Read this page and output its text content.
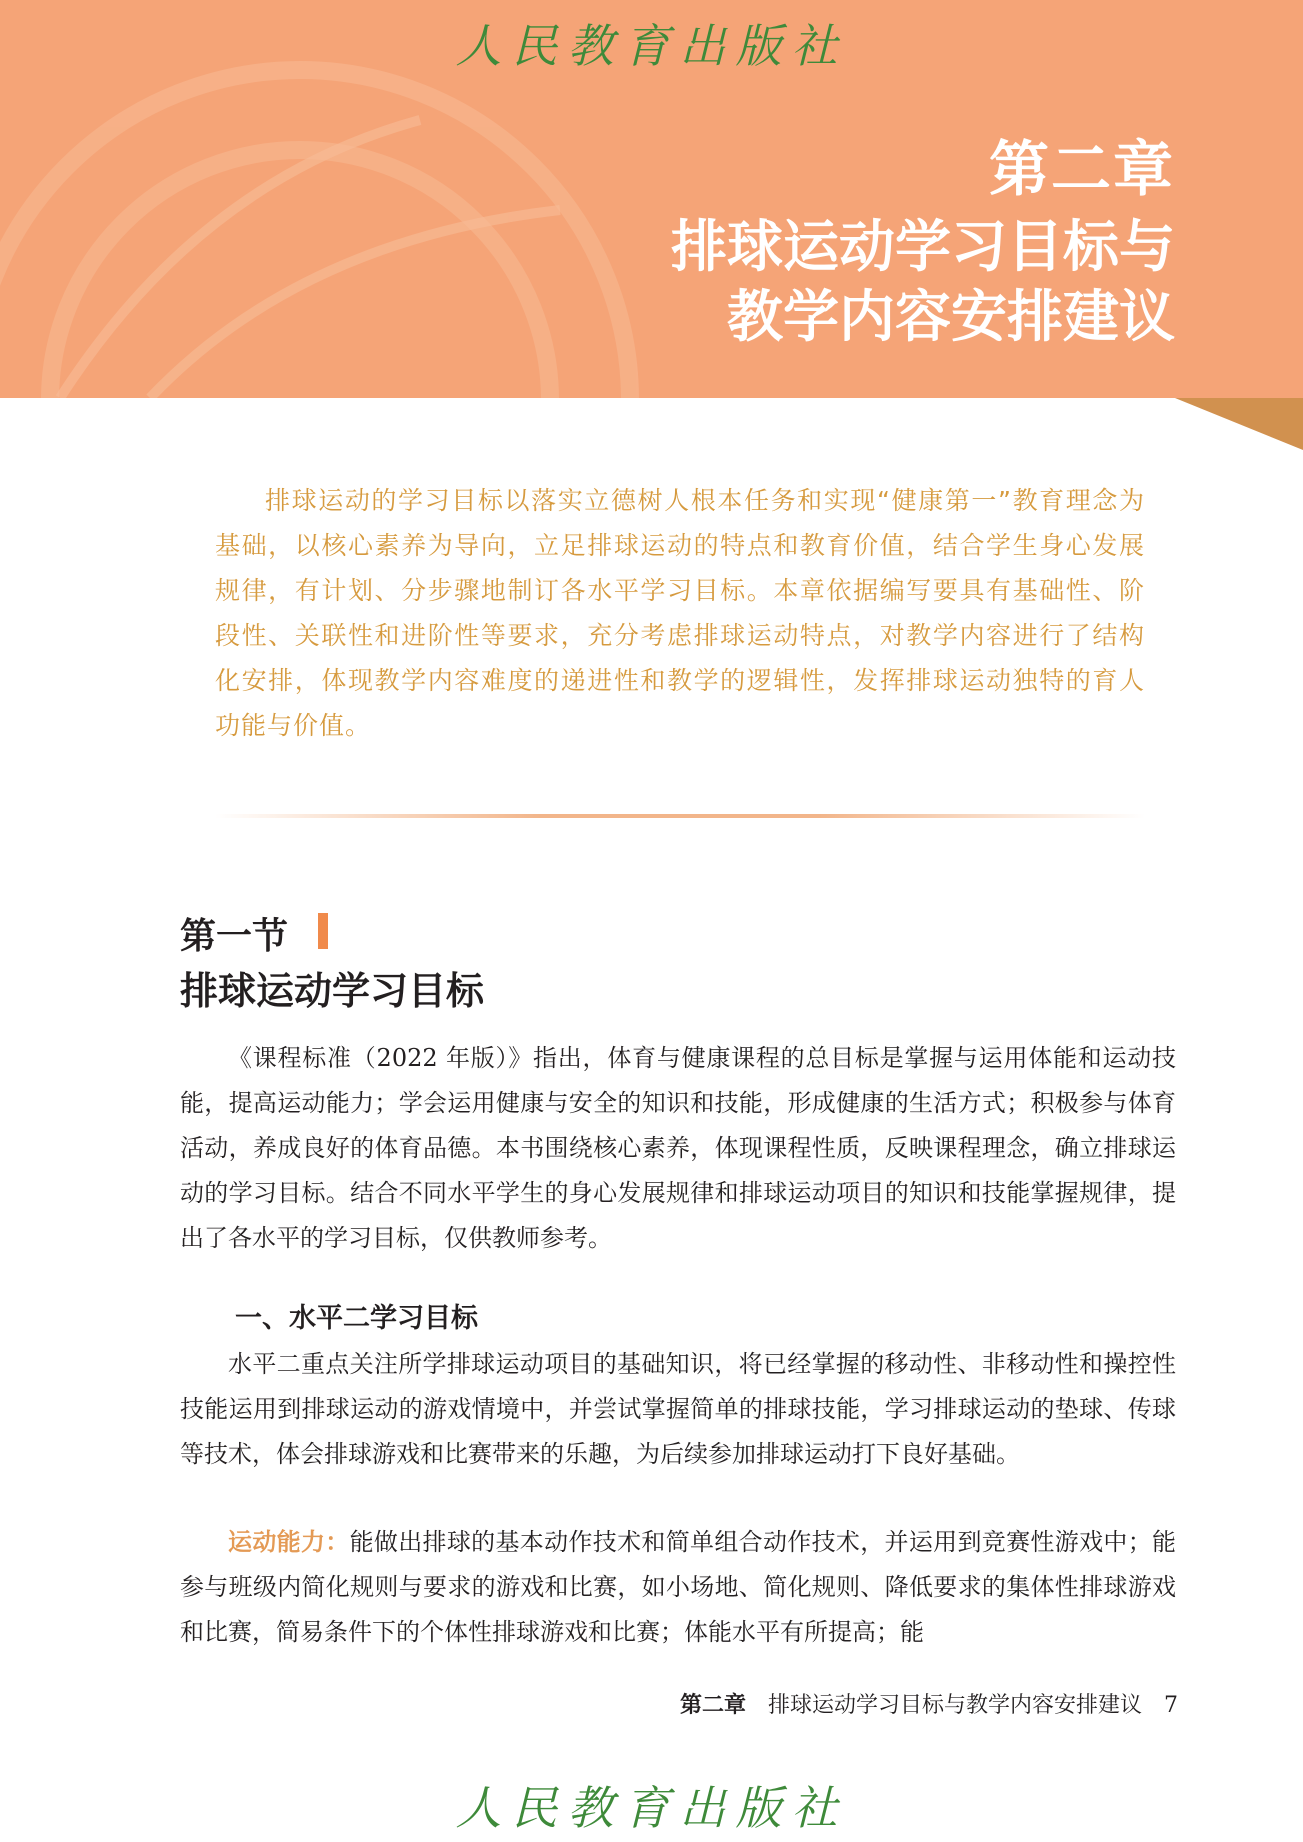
人民教育出版社
第二章
排球运动学习目标与
教学内容安排建议

排球运动的学习目标以落实立德树人根本任务和实现“健康第一”教育理念为基础，以核心素养为导向，立足排球运动的特点和教育价值，结合学生身心发展规律，有计划、分步骤地制订各水平学习目标。本章依据编写要具有基础性、阶段性、关联性和进阶性等要求，充分考虑排球运动特点，对教学内容进行了结构化安排，体现教学内容难度的递进性和教学的逻辑性，发挥排球运动独特的育人功能与价值。

第一节
排球运动学习目标

《课程标准（2022 年版）》指出，体育与健康课程的总目标是掌握与运用体能和运动技能，提高运动能力；学会运用健康与安全的知识和技能，形成健康的生活方式；积极参与体育活动，养成良好的体育品德。本书围绕核心素养，体现课程性质，反映课程理念，确立排球运动的学习目标。结合不同水平学生的身心发展规律和排球运动项目的知识和技能掌握规律，提出了各水平的学习目标，仅供教师参考。

一、水平二学习目标

水平二重点关注所学排球运动项目的基础知识，将已经掌握的移动性、非移动性和操控性技能运用到排球运动的游戏情境中，并尝试掌握简单的排球技能，学习排球运动的垫球、传球等技术，体会排球游戏和比赛带来的乐趣，为后续参加排球运动打下良好基础。

运动能力：能做出排球的基本动作技术和简单组合动作技术，并运用到竞赛性游戏中；能参与班级内简化规则与要求的游戏和比赛，如小场地、简化规则、降低要求的集体性排球游戏和比赛，简易条件下的个体性排球游戏和比赛；体能水平有所提高；能

第二章 排球运动学习目标与教学内容安排建议 7
人民教育出版社
